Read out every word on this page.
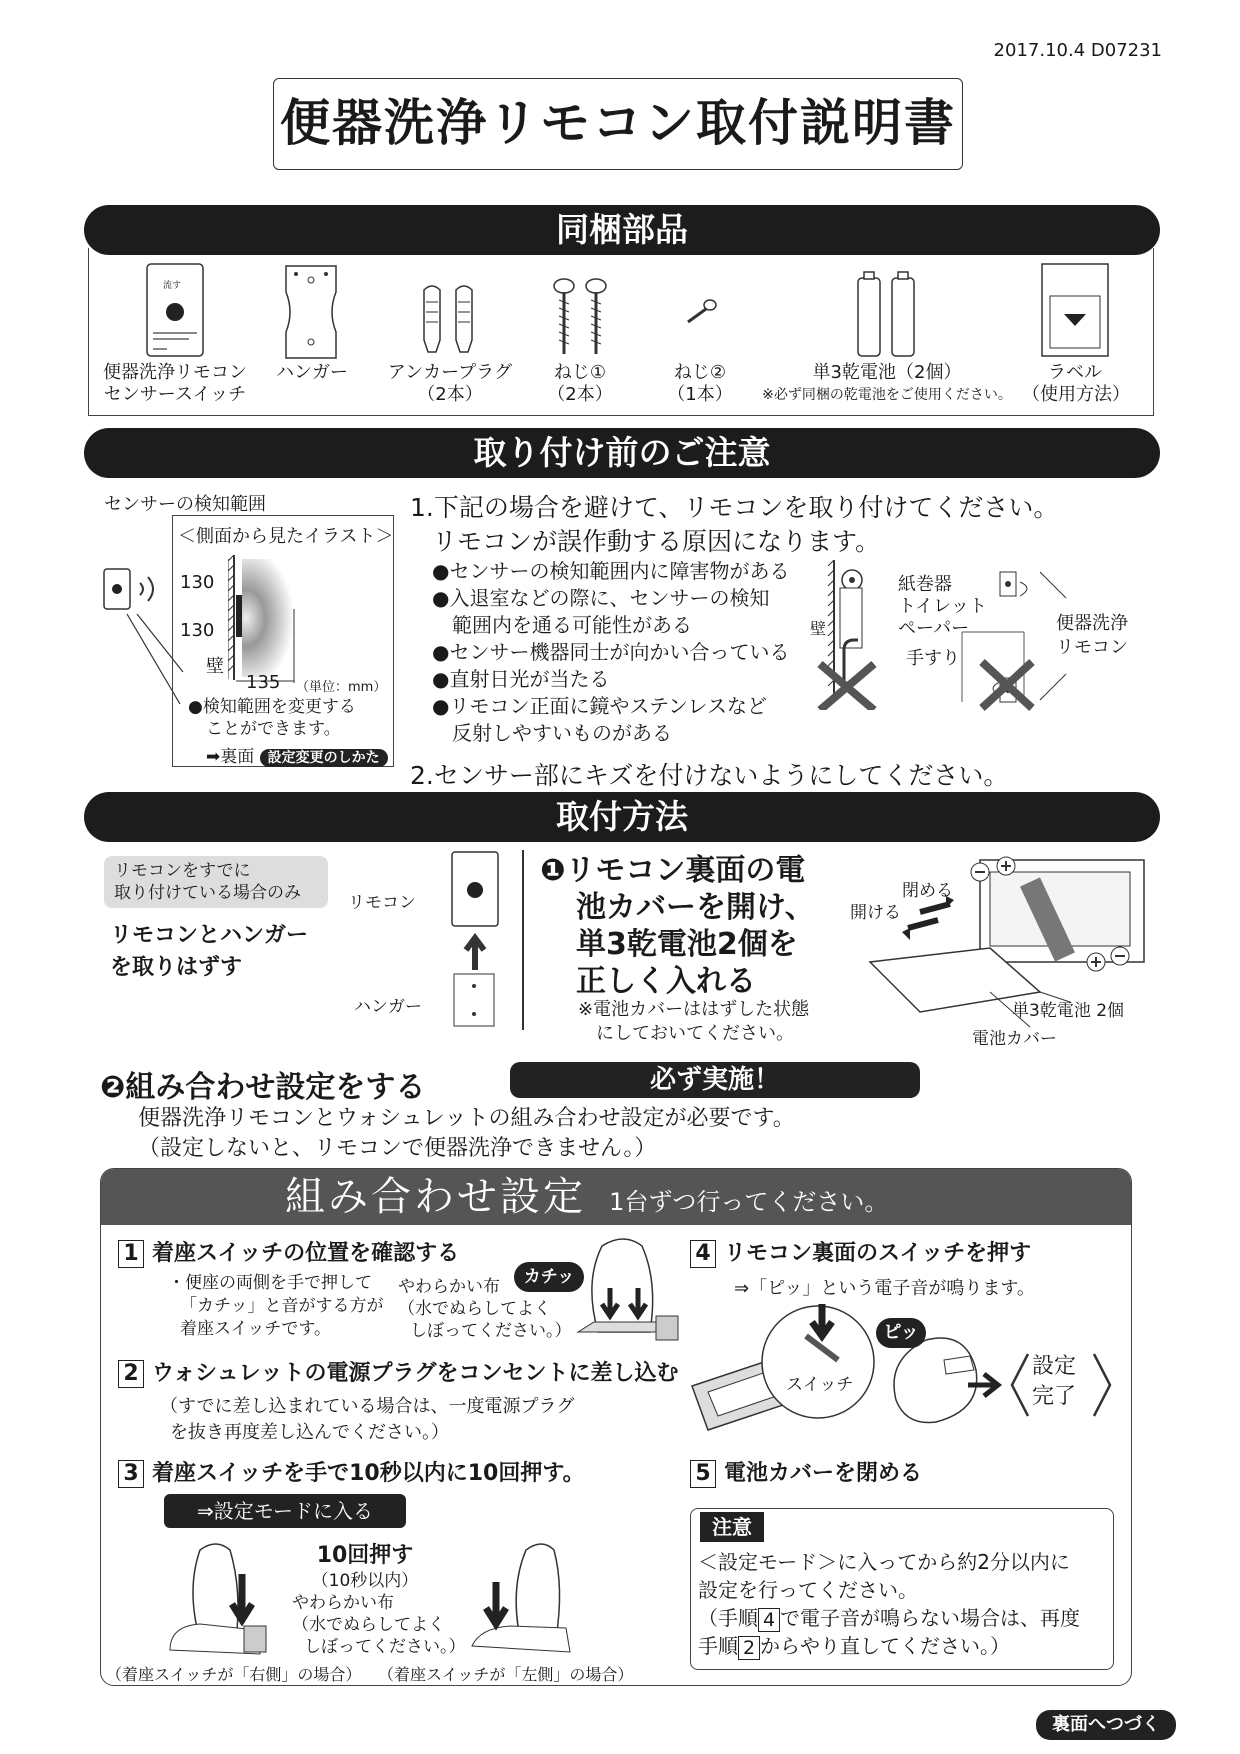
2017.10.4 D07231
便器洗浄リモコン取付説明書
同梱部品
流す
便器洗浄リモコン
センサースイッチ
ハンガー	アンカープラグ
（2本）
ねじ①
（2本）
ねじ②
（1本）
単3乾電池（2個）
※必ず同梱の乾電池をご使用ください。
ラベル
（使用方法）
取り付け前のご注意
センサーの検知範囲
＜側面から見たイラスト＞
130
130
壁
135 （単位：mm）
●検知範囲を変更する
ことができます。
➡裏面 設定変更のしかた
1.下記の場合を避けて、リモコンを取り付けてください。
リモコンが誤作動する原因になります。
●センサーの検知範囲内に障害物がある
●入退室などの際に、センサーの検知
　範囲内を通る可能性がある
●センサー機器同士が向かい合っている
●直射日光が当たる
●リモコン正面に鏡やステンレスなど
　反射しやすいものがある
紙巻器
トイレット
ペーパー
手すり
壁	便器洗浄
リモコン
2.センサー部にキズを付けないようにしてください。
取付方法
リモコンをすでに
取り付けている場合のみ
リモコンとハンガー
を取りはずす
リモコン
ハンガー
❶リモコン裏面の電
池カバーを開け、
単3乾電池2個を
正しく入れる
※電池カバーははずした状態
にしておいてください。
閉める
開ける
単3乾電池 2個
電池カバー
❷組み合わせ設定をする	必ず実施！
便器洗浄リモコンとウォシュレットの組み合わせ設定が必要です。
（設定しないと、リモコンで便器洗浄できません。）
組み合わせ設定 1台ずつ行ってください。
1 着座スイッチの位置を確認する
・便座の両側を手で押して
「カチッ」と音がする方が
着座スイッチです。
やわらかい布
（水でぬらしてよく
しぼってください。）
カチッ
2 ウォシュレットの電源プラグをコンセントに差し込む
（すでに差し込まれている場合は、一度電源プラグ
を抜き再度差し込んでください。）
3 着座スイッチを手で10秒以内に10回押す。
⇒設定モードに入る
10回押す
（10秒以内）
やわらかい布
（水でぬらしてよく
しぼってください。）
（着座スイッチが「右側」の場合） （着座スイッチが「左側」の場合）
4 リモコン裏面のスイッチを押す
⇒「ピッ」という電子音が鳴ります。
スイッチ
ピッ
設定
完了
5 電池カバーを閉める
注意
＜設定モード＞に入ってから約2分以内に
設定を行ってください。
（手順 4 で電子音が鳴らない場合は、再度
手順 2 からやり直してください。）
裏面へつづく
